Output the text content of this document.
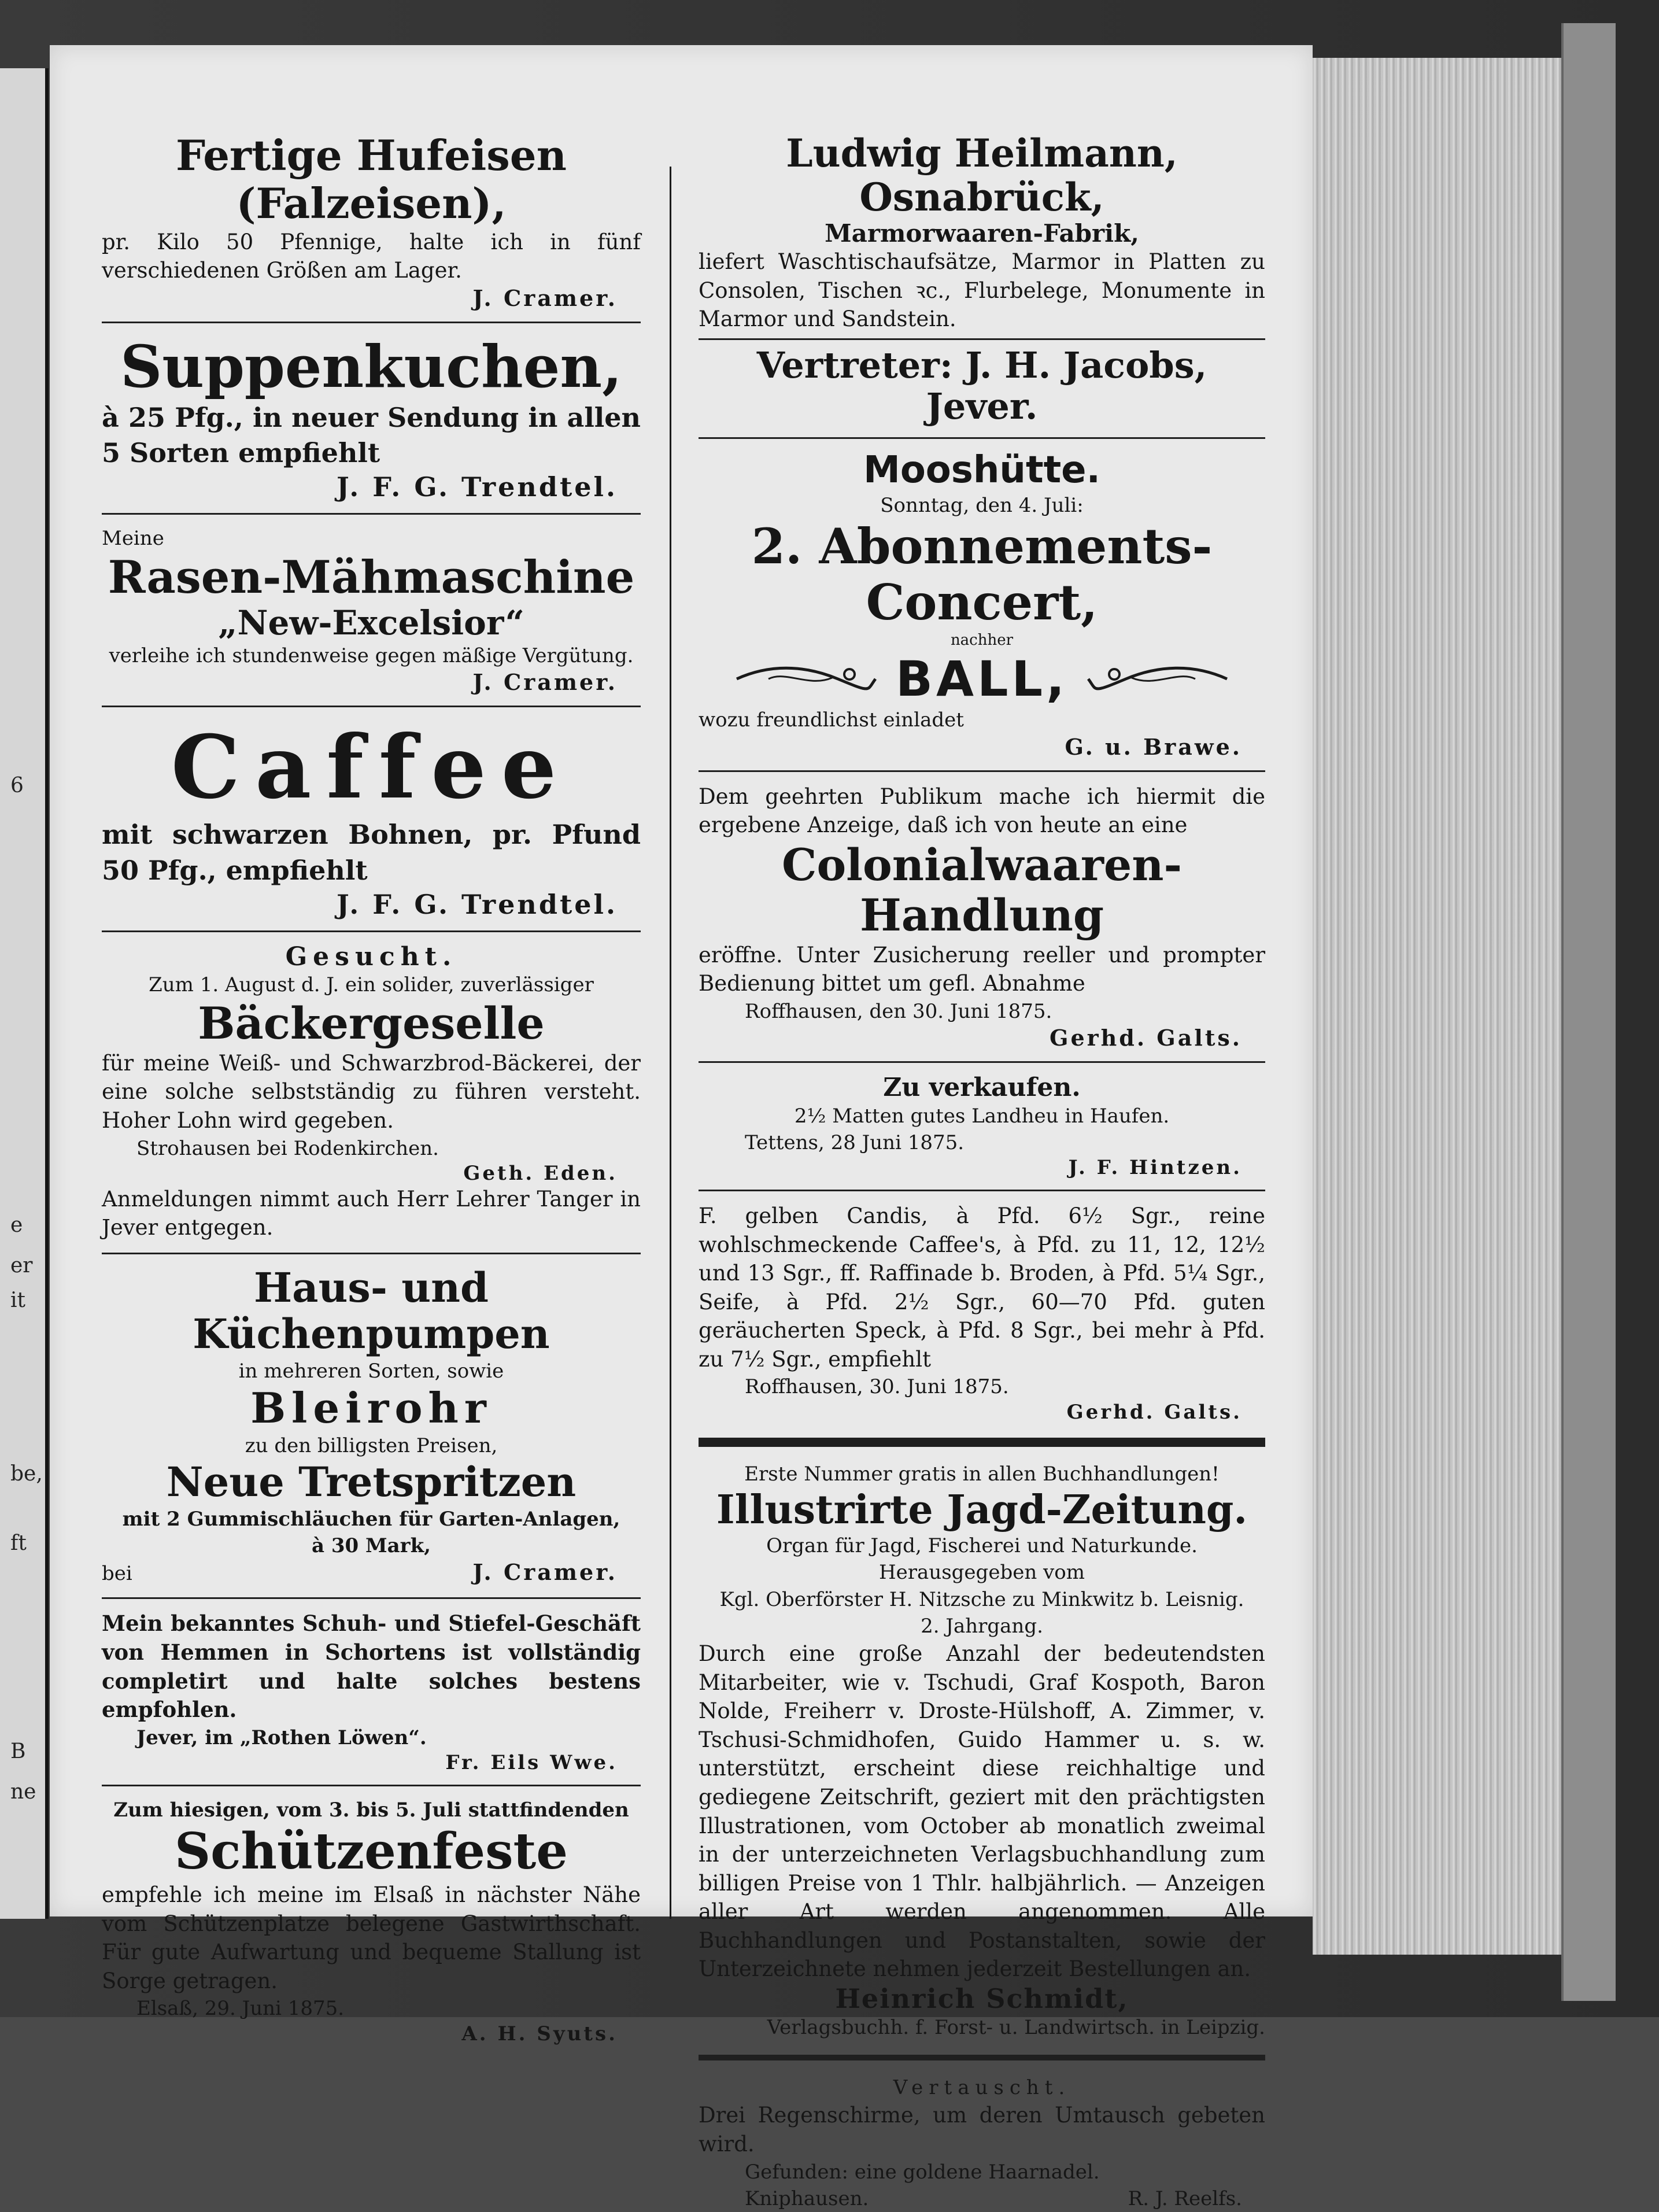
6
e
er
it
be,
ft
B
ne
Fertige Hufeisen (Falzeisen),
pr. Kilo 50 Pfennige, halte ich in fünf verschiedenen Größen am Lager.
J. Cramer.
Suppenkuchen,
à 25 Pfg., in neuer Sendung in allen 5 Sorten empfiehlt
J. F. G. Trendtel.
Meine
Rasen-Mähmaschine
„New-Excelsior“
verleihe ich stundenweise gegen mäßige Vergütung.
J. Cramer.
Caffee
mit schwarzen Bohnen, pr. Pfund 50 Pfg., empfiehlt
J. F. G. Trendtel.
Gesucht.
Zum 1. August d. J. ein solider, zuverlässiger
Bäckergeselle
für meine Weiß- und Schwarzbrod-Bäckerei, der eine solche selbstständig zu führen versteht. Hoher Lohn wird gegeben.
Strohausen bei Rodenkirchen.
Geth. Eden.
Anmeldungen nimmt auch Herr Lehrer Tanger in Jever entgegen.
Haus- und Küchenpumpen
in mehreren Sorten, sowie
Bleirohr
zu den billigsten Preisen,
Neue Tretspritzen
mit 2 Gummischläuchen für Garten-Anlagen,
à 30 Mark,
bei	J. Cramer.
Mein bekanntes Schuh- und Stiefel-Geschäft von Hemmen in Schortens ist vollständig completirt und halte solches bestens empfohlen.
Jever, im „Rothen Löwen“.
Fr. Eils Wwe.
Zum hiesigen, vom 3. bis 5. Juli stattfindenden
Schützenfeste
empfehle ich meine im Elsaß in nächster Nähe vom Schützenplatze belegene Gastwirthschaft. Für gute Aufwartung und bequeme Stallung ist Sorge getragen.
Elsaß, 29. Juni 1875.
A. H. Syuts.
Ludwig Heilmann, Osnabrück,
Marmorwaaren-Fabrik,
liefert Waschtischaufsätze, Marmor in Platten zu Consolen, Tischen ꝛc., Flurbelege, Monumente in Marmor und Sandstein.
Vertreter: J. H. Jacobs, Jever.
Mooshütte.
Sonntag, den 4. Juli:
2. Abonnements-Concert,
nachher
BALL,
wozu freundlichst einladet
G. u. Brawe.
Dem geehrten Publikum mache ich hiermit die ergebene Anzeige, daß ich von heute an eine
Colonialwaaren-Handlung
eröffne. Unter Zusicherung reeller und prompter Bedienung bittet um gefl. Abnahme
Roffhausen, den 30. Juni 1875.
Gerhd. Galts.
Zu verkaufen.
2½ Matten gutes Landheu in Haufen.
Tettens, 28 Juni 1875.
J. F. Hintzen.
F. gelben Candis, à Pfd. 6½ Sgr., reine wohlschmeckende Caffee's, à Pfd. zu 11, 12, 12½ und 13 Sgr., ff. Raffinade b. Broden, à Pfd. 5¼ Sgr., Seife, à Pfd. 2½ Sgr., 60—70 Pfd. guten geräucherten Speck, à Pfd. 8 Sgr., bei mehr à Pfd. zu 7½ Sgr., empfiehlt
Roffhausen, 30. Juni 1875.
Gerhd. Galts.
Erste Nummer gratis in allen Buchhandlungen!
Illustrirte Jagd-Zeitung.
Organ für Jagd, Fischerei und Naturkunde.
Herausgegeben vom
Kgl. Oberförster H. Nitzsche zu Minkwitz b. Leisnig.
2. Jahrgang.
Durch eine große Anzahl der bedeutendsten Mitarbeiter, wie v. Tschudi, Graf Kospoth, Baron Nolde, Freiherr v. Droste-Hülshoff, A. Zimmer, v. Tschusi-Schmidhofen, Guido Hammer u. s. w. unterstützt, erscheint diese reichhaltige und gediegene Zeitschrift, geziert mit den prächtigsten Illustrationen, vom October ab monatlich zweimal in der unterzeichneten Verlagsbuchhandlung zum billigen Preise von 1 Thlr. halbjährlich. — Anzeigen aller Art werden angenommen. Alle Buchhandlungen und Postanstalten, sowie der Unterzeichnete nehmen jederzeit Bestellungen an.
Heinrich Schmidt,
Verlagsbuchh. f. Forst- u. Landwirtsch. in Leipzig.
Vertauscht.
Drei Regenschirme, um deren Umtausch gebeten wird.
Gefunden: eine goldene Haarnadel.
Kniphausen.	R. J. Reelfs.
